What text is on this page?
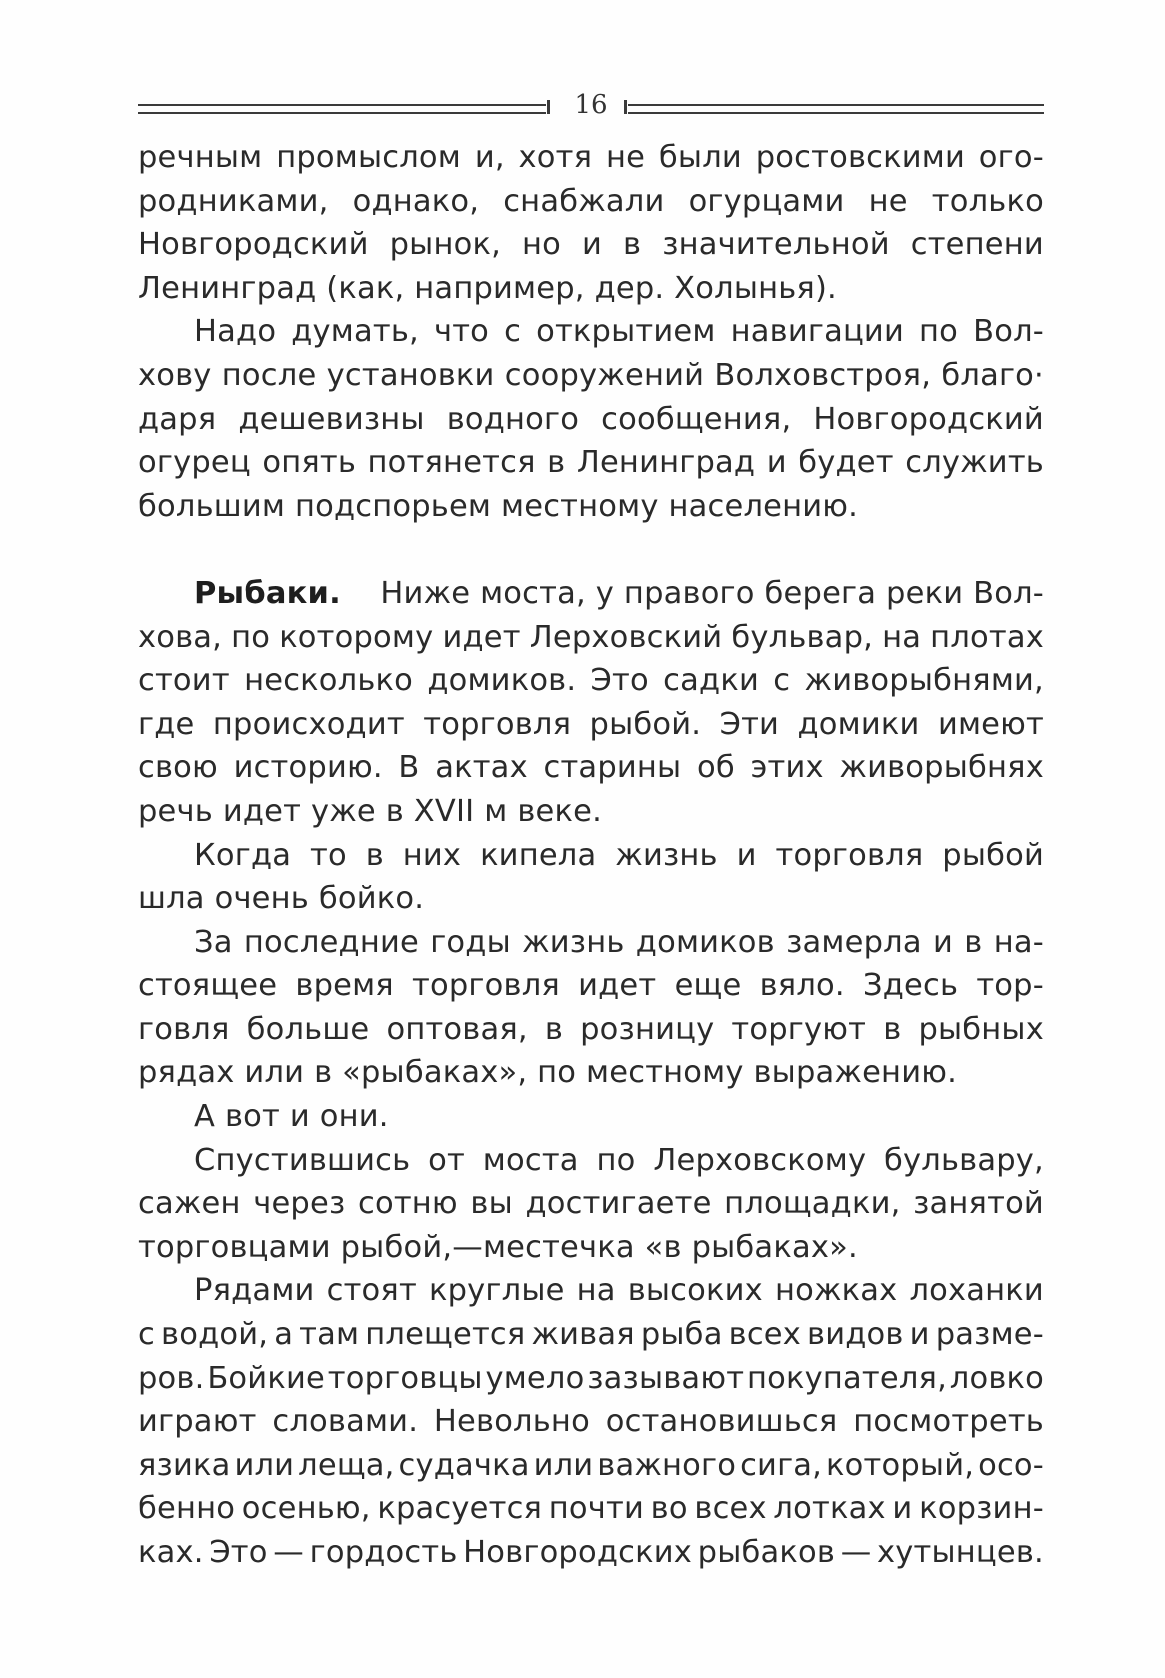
16
речным промыслом и, хотя не были ростовскими ого-
родниками, однако, снабжали огурцами не только
Новгородский рынок, но и в значительной степени
Ленинград (как, например, дер. Холынья).
Надо думать, что с открытием навигации по Вол-
хову после установки сооружений Волховстроя, благо·
даря дешевизны водного сообщения, Новгородский
огурец опять потянется в Ленинград и будет служить
большим подспорьем местному населению.
Рыбаки. Ниже моста, у правого берега реки Вол-
хова, по которому идет Лерховский бульвар, на плотах
стоит несколько домиков. Это садки с живорыбнями,
где происходит торговля рыбой. Эти домики имеют
свою историю. В актах старины об этих живорыбнях
речь идет уже в XVII м веке.
Когда то в них кипела жизнь и торговля рыбой
шла очень бойко.
За последние годы жизнь домиков замерла и в на-
стоящее время торговля идет еще вяло. Здесь тор-
говля больше оптовая, в розницу торгуют в рыбных
рядах или в «рыбаках», по местному выражению.
А вот и они.
Спустившись от моста по Лерховскому бульвару,
сажен через сотню вы достигаете площадки, занятой
торговцами рыбой,—местечка «в рыбаках».
Рядами стоят круглые на высоких ножках лоханки
с водой, а там плещется живая рыба всех видов и разме-
ров. Бойкие торговцы умело зазывают покупателя, ловко
играют словами. Невольно остановишься посмотреть
язика или леща, судачка или важного сига, который, осо-
бенно осенью, красуется почти во всех лотках и корзин-
ках. Это — гордость Новгородских рыбаков — хутынцев.
